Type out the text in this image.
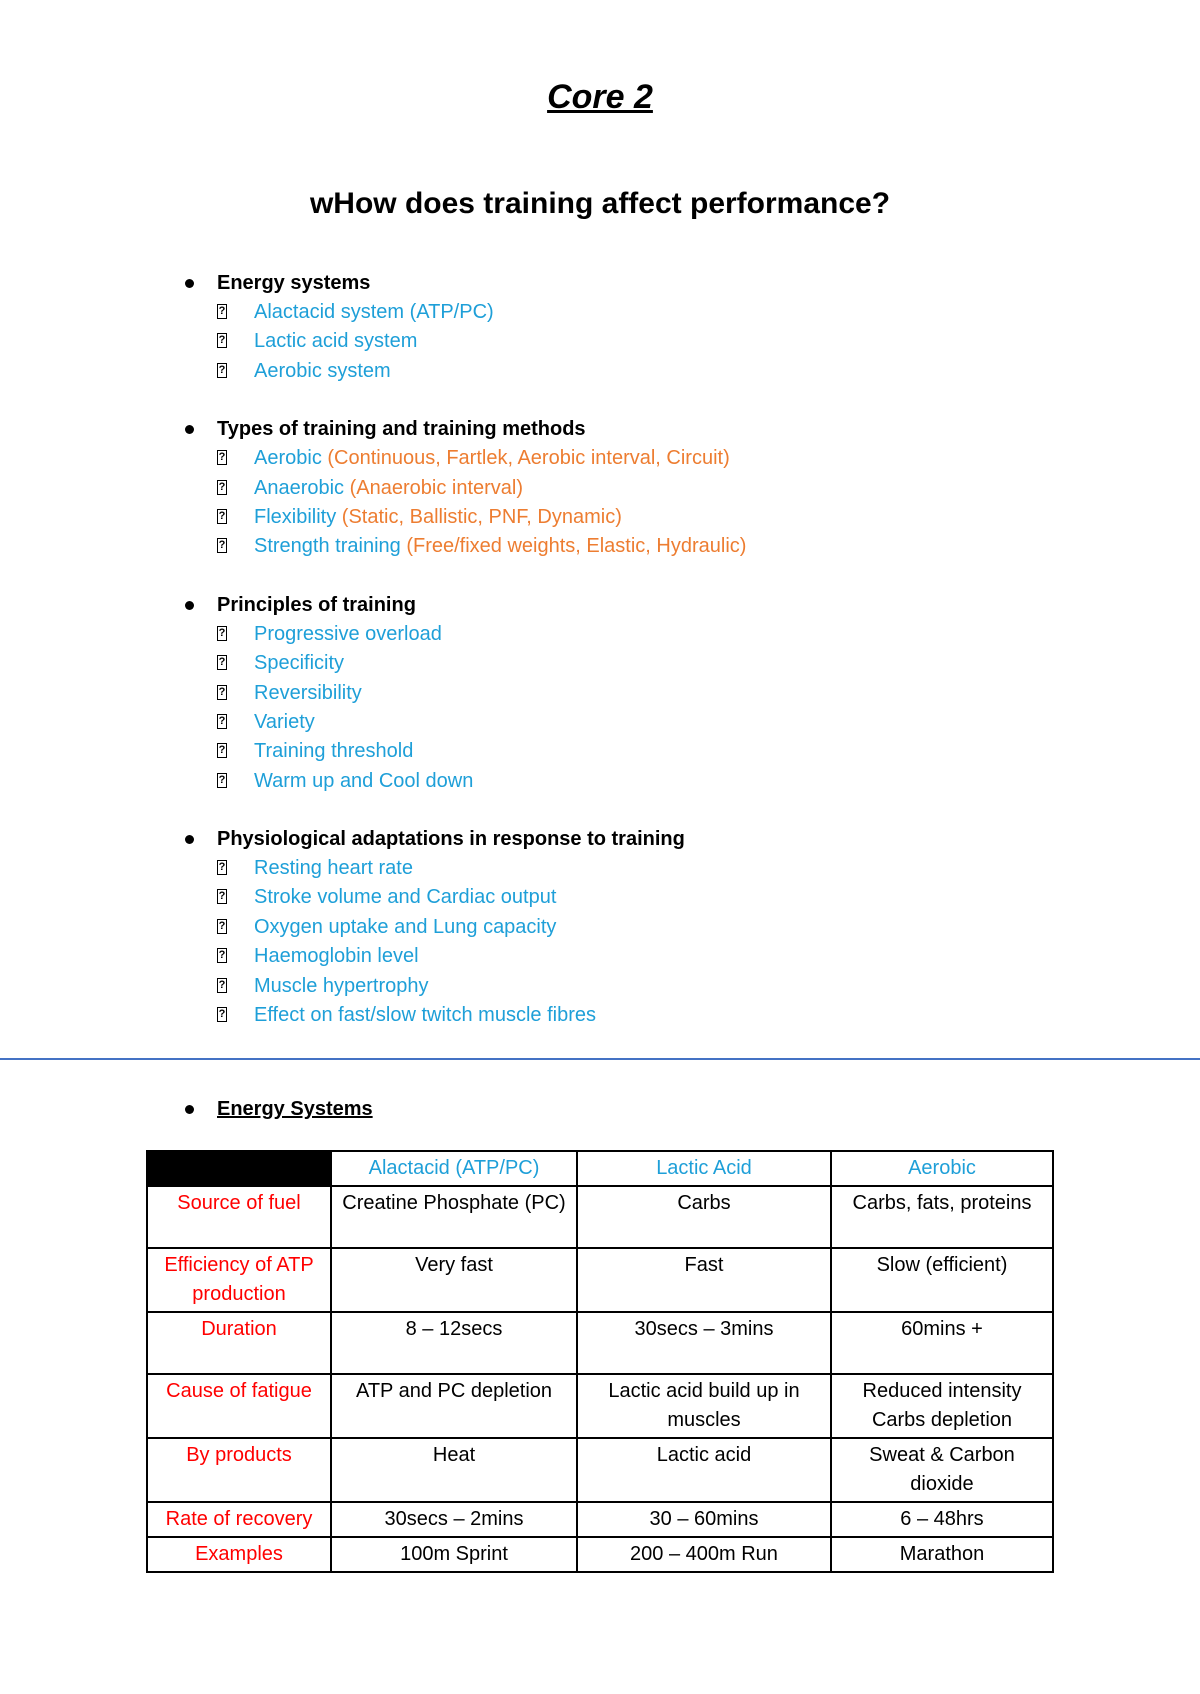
Core 2
wHow does training affect performance?
Energy systems
? Alactacid system (ATP/PC)
? Lactic acid system
? Aerobic system
Types of training and training methods
? Aerobic (Continuous, Fartlek, Aerobic interval, Circuit)
? Anaerobic (Anaerobic interval)
? Flexibility (Static, Ballistic, PNF, Dynamic)
? Strength training (Free/fixed weights, Elastic, Hydraulic)
Principles of training
? Progressive overload
? Specificity
? Reversibility
? Variety
? Training threshold
? Warm up and Cool down
Physiological adaptations in response to training
? Resting heart rate
? Stroke volume and Cardiac output
? Oxygen uptake and Lung capacity
? Haemoglobin level
? Muscle hypertrophy
? Effect on fast/slow twitch muscle fibres
Energy Systems
	Alactacid (ATP/PC)	Lactic Acid	Aerobic
Source of fuel	Creatine Phosphate (PC)	Carbs	Carbs, fats, proteins
Efficiency of ATP production	Very fast	Fast	Slow (efficient)
Duration	8 – 12secs	30secs – 3mins	60mins +
Cause of fatigue	ATP and PC depletion	Lactic acid build up in muscles	Reduced intensity Carbs depletion
By products	Heat	Lactic acid	Sweat & Carbon dioxide
Rate of recovery	30secs – 2mins	30 – 60mins	6 – 48hrs
Examples	100m Sprint	200 – 400m Run	Marathon
